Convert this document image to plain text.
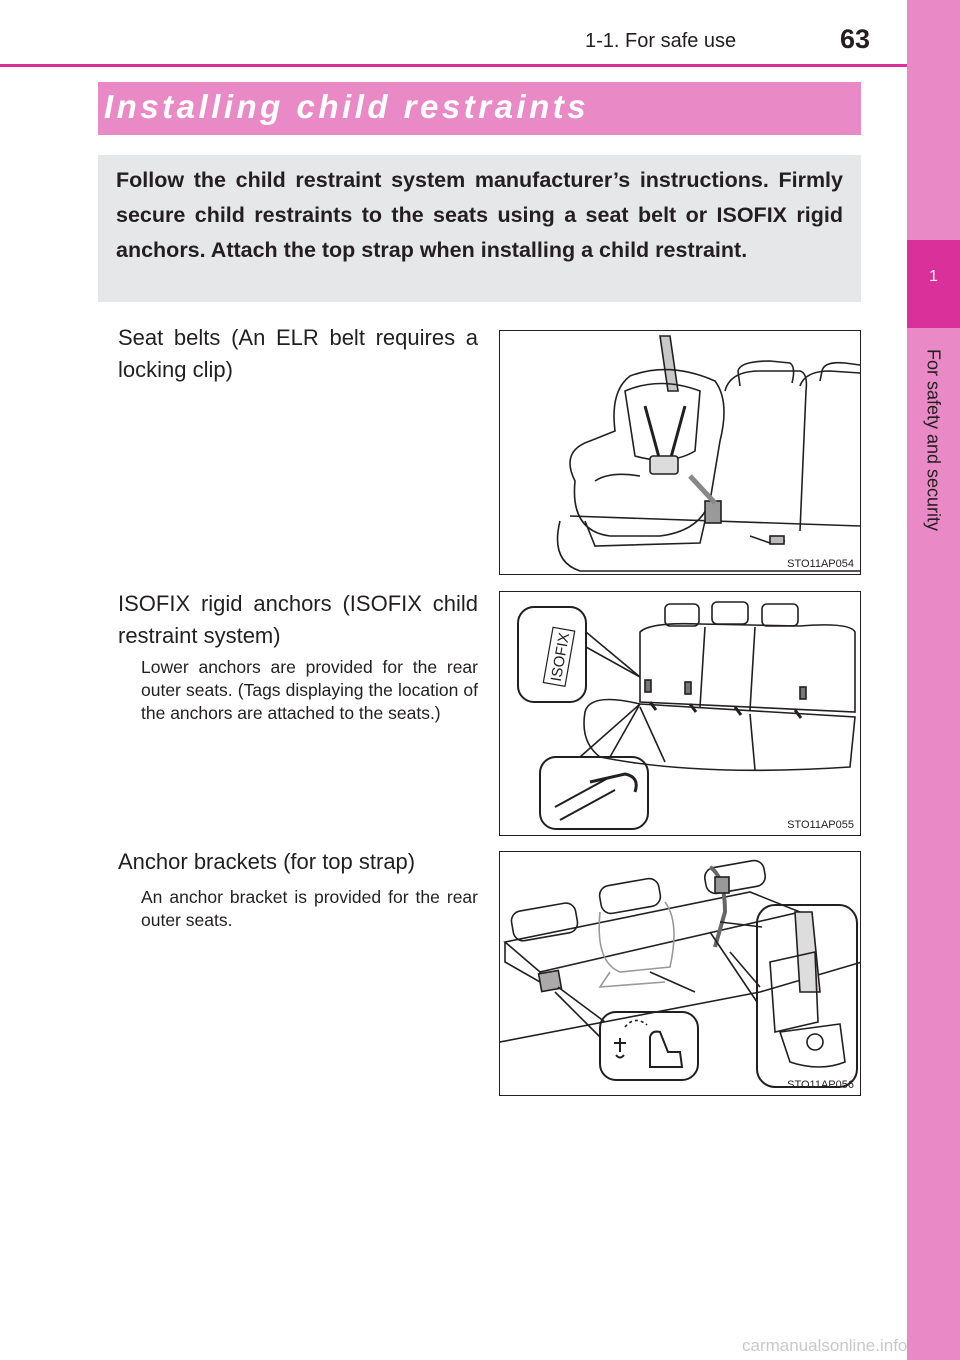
1-1. For safe use	63
1
For safety and security
Installing child restraints
Follow the child restraint system manufacturer’s instructions. Firmly secure child restraints to the seats using a seat belt or ISOFIX rigid anchors. Attach the top strap when installing a child restraint.
Seat belts (An ELR belt requires a locking clip)
STO11AP054
ISOFIX rigid anchors (ISOFIX child restraint system)
Lower anchors are provided for the rear outer seats. (Tags displaying the location of the anchors are attached to the seats.)
ISOFIX
STO11AP055
Anchor brackets (for top strap)
An anchor bracket is provided for the rear outer seats.
STO11AP056
carmanualsonline.info
